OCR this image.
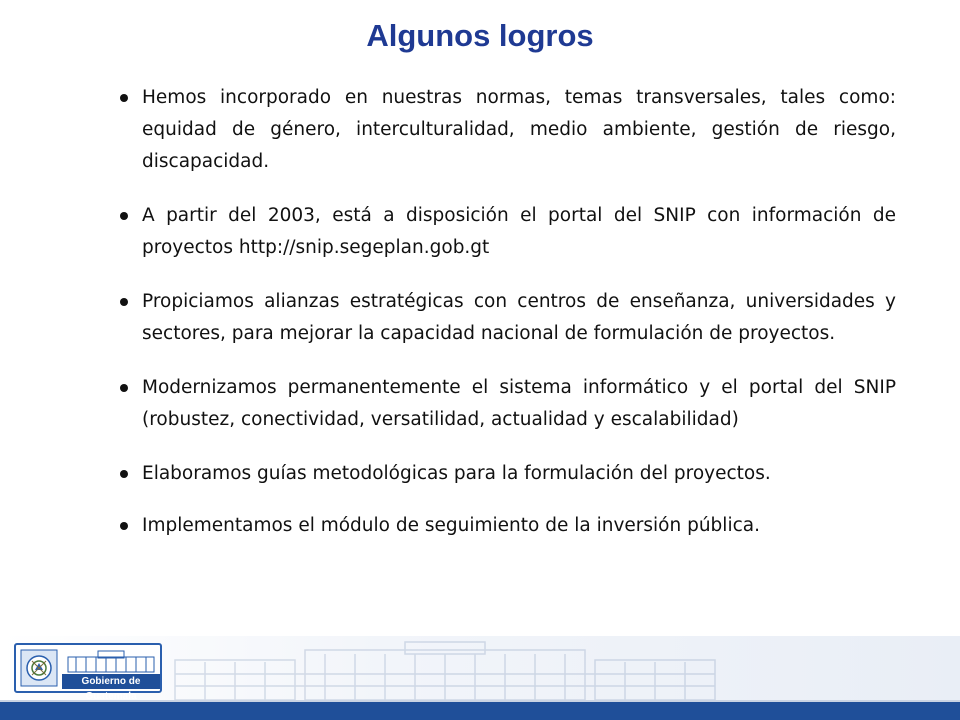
Algunos logros
Hemos incorporado en nuestras normas, temas transversales, tales como: equidad de género, interculturalidad, medio ambiente, gestión de riesgo, discapacidad.
A partir del 2003, está a disposición el portal del SNIP con información de proyectos http://snip.segeplan.gob.gt
Propiciamos alianzas estratégicas con centros de enseñanza, universidades y sectores, para mejorar la capacidad nacional de formulación de proyectos.
Modernizamos permanentemente el sistema informático y el portal del SNIP (robustez, conectividad, versatilidad, actualidad y escalabilidad)
Elaboramos guías metodológicas para la formulación del proyectos.
Implementamos el módulo de seguimiento de la inversión pública.
Gobierno de Guatemala
